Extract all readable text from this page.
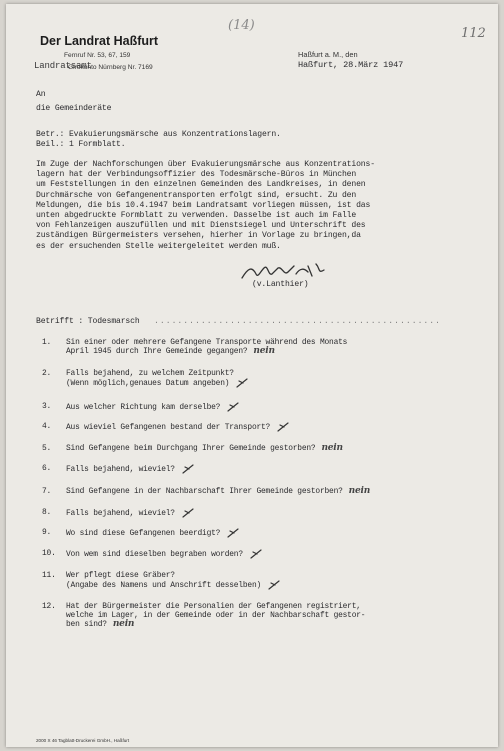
Der Landrat Haßfurt
Fernruf Nr. 53, 67, 159
Landratsamt
Girokonto Nürnberg Nr. 7169
(14)
112
Haßfurt a. M., den
Haßfurt, 28.März 1947
An
die Gemeinderäte
Betr.: Evakuierungsmärsche aus Konzentrationslagern.
Beil.: 1 Formblatt.
Im Zuge der Nachforschungen über Evakuierungsmärsche aus Konzentrations-
lagern hat der Verbindungsoffizier des Todesmärsche-Büros in München
um Feststellungen in den einzelnen Gemeinden des Landkreises, in denen
Durchmärsche von Gefangenentransporten erfolgt sind, ersucht. Zu den
Meldungen, die bis 10.4.1947 beim Landratsamt vorliegen müssen, ist das
unten abgedruckte Formblatt zu verwenden. Dasselbe ist auch im Falle
von Fehlanzeigen auszufüllen und mit Dienstsiegel und Unterschrift des
zuständigen Bürgermeisters versehen, hierher in Vorlage zu bringen,da
es der ersuchenden Stelle weitergeleitet werden muß.
(v.Lanthier)
Betrifft : Todesmarsch .................................................
1.	Sin einer oder mehrere Gefangene Transporte während des Monats
April 1945 durch Ihre Gemeinde gegangen? nein
2.	Falls bejahend, zu welchem Zeitpunkt?
(Wenn möglich,genaues Datum angeben)
3.	Aus welcher Richtung kam derselbe?
4.	Aus wieviel Gefangenen bestand der Transport?
5.	Sind Gefangene beim Durchgang Ihrer Gemeinde gestorben? nein
6.	Falls bejahend, wieviel?
7.	Sind Gefangene in der Nachbarschaft Ihrer Gemeinde gestorben? nein
8.	Falls bejahend, wieviel?
9.	Wo sind diese Gefangenen beerdigt?
10.	Von wem sind dieselben begraben worden?
11.	Wer pflegt diese Gräber?
(Angabe des Namens und Anschrift desselben)
12.	Hat der Bürgermeister die Personalien der Gefangenen registriert,
welche im Lager, in der Gemeinde oder in der Nachbarschaft gestor-
ben sind? nein
2000 X 46 Tagblatt-Druckerei GmbH., Haßfurt
